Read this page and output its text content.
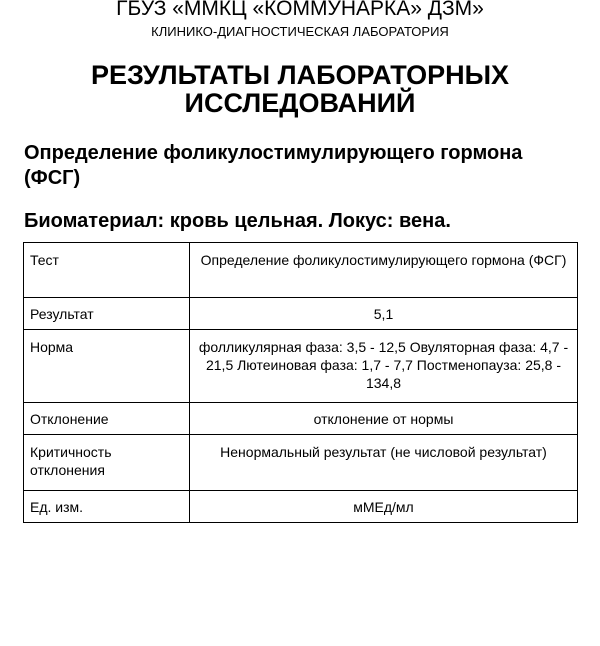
ГБУЗ «ММКЦ «КОММУНАРКА» ДЗМ»
КЛИНИКО-ДИАГНОСТИЧЕСКАЯ ЛАБОРАТОРИЯ
РЕЗУЛЬТАТЫ ЛАБОРАТОРНЫХ ИССЛЕДОВАНИЙ
Определение фоликулостимулирующего гормона (ФСГ)
Биоматериал: кровь цельная. Локус: вена.
Тест	Определение фоликулостимулирующего гормона (ФСГ)
Результат	5,1
Норма	фолликулярная фаза: 3,5 - 12,5 Овуляторная фаза: 4,7 - 21,5 Лютеиновая фаза: 1,7 - 7,7 Постменопауза: 25,8 - 134,8
Отклонение	отклонение от нормы
Критичность отклонения	Ненормальный результат (не числовой результат)
Ед. изм.	мМЕд/мл
